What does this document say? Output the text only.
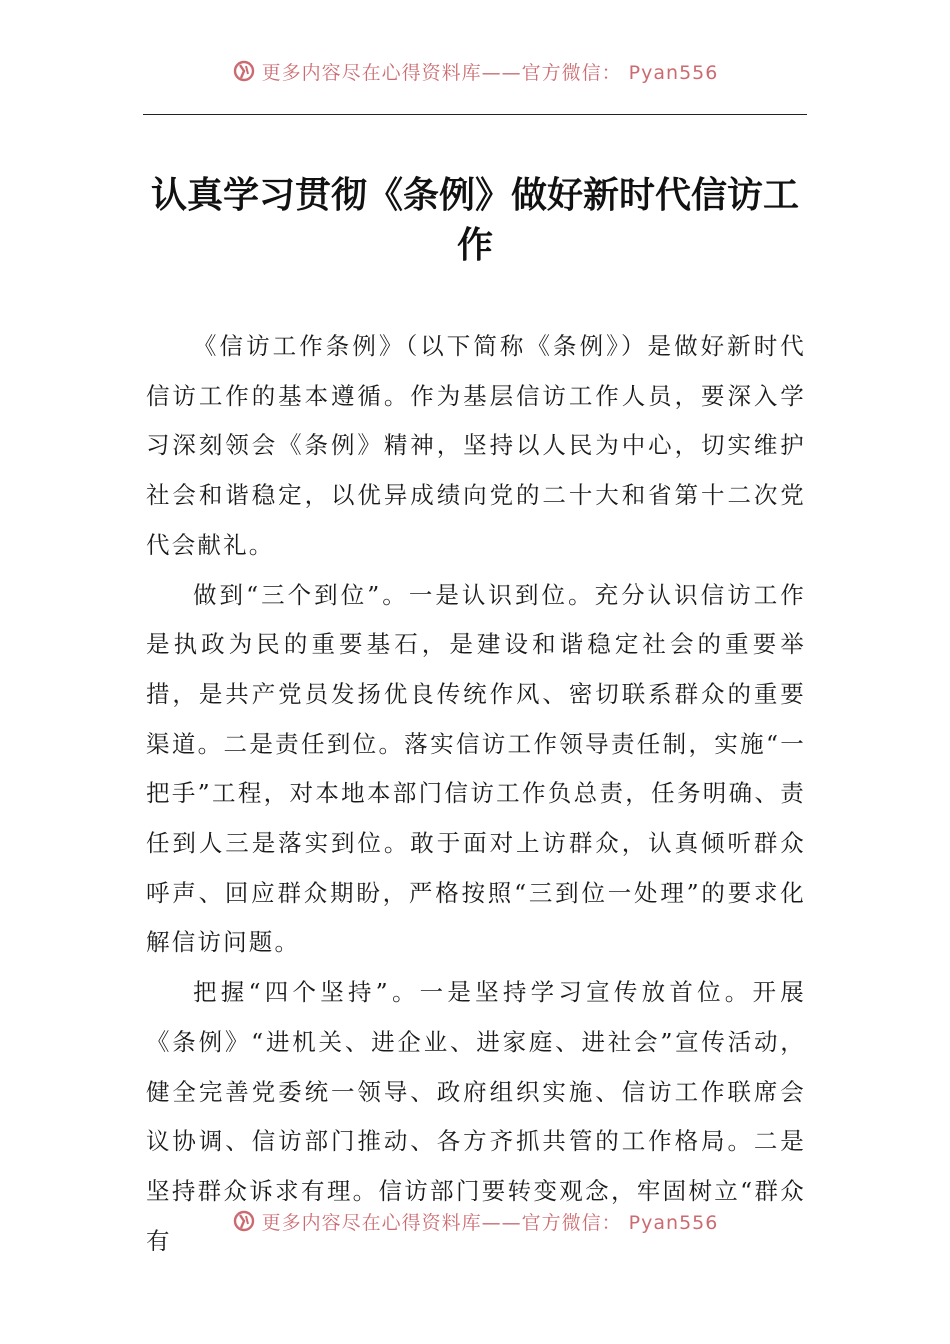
更多内容尽在心得资料库——官方微信： Pyan556
认真学习贯彻《条例》做好新时代信访工作

《信访工作条例》（以下简称《条例》）是做好新时代信访工作的基本遵循。作为基层信访工作人员，要深入学习深刻领会《条例》精神，坚持以人民为中心，切实维护社会和谐稳定，以优异成绩向党的二十大和省第十二次党代会献礼。

做到“三个到位”。一是认识到位。充分认识信访工作是执政为民的重要基石，是建设和谐稳定社会的重要举措，是共产党员发扬优良传统作风、密切联系群众的重要渠道。二是责任到位。落实信访工作领导责任制，实施“一把手”工程，对本地本部门信访工作负总责，任务明确、责任到人三是落实到位。敢于面对上访群众，认真倾听群众呼声、回应群众期盼，严格按照“三到位一处理”的要求化解信访问题。

把握“四个坚持”。一是坚持学习宣传放首位。开展《条例》“进机关、进企业、进家庭、进社会”宣传活动，健全完善党委统一领导、政府组织实施、信访工作联席会议协调、信访部门推动、各方齐抓共管的工作格局。二是坚持群众诉求有理。信访部门要转变观念，牢固树立“群众有

更多内容尽在心得资料库——官方微信： Pyan556
